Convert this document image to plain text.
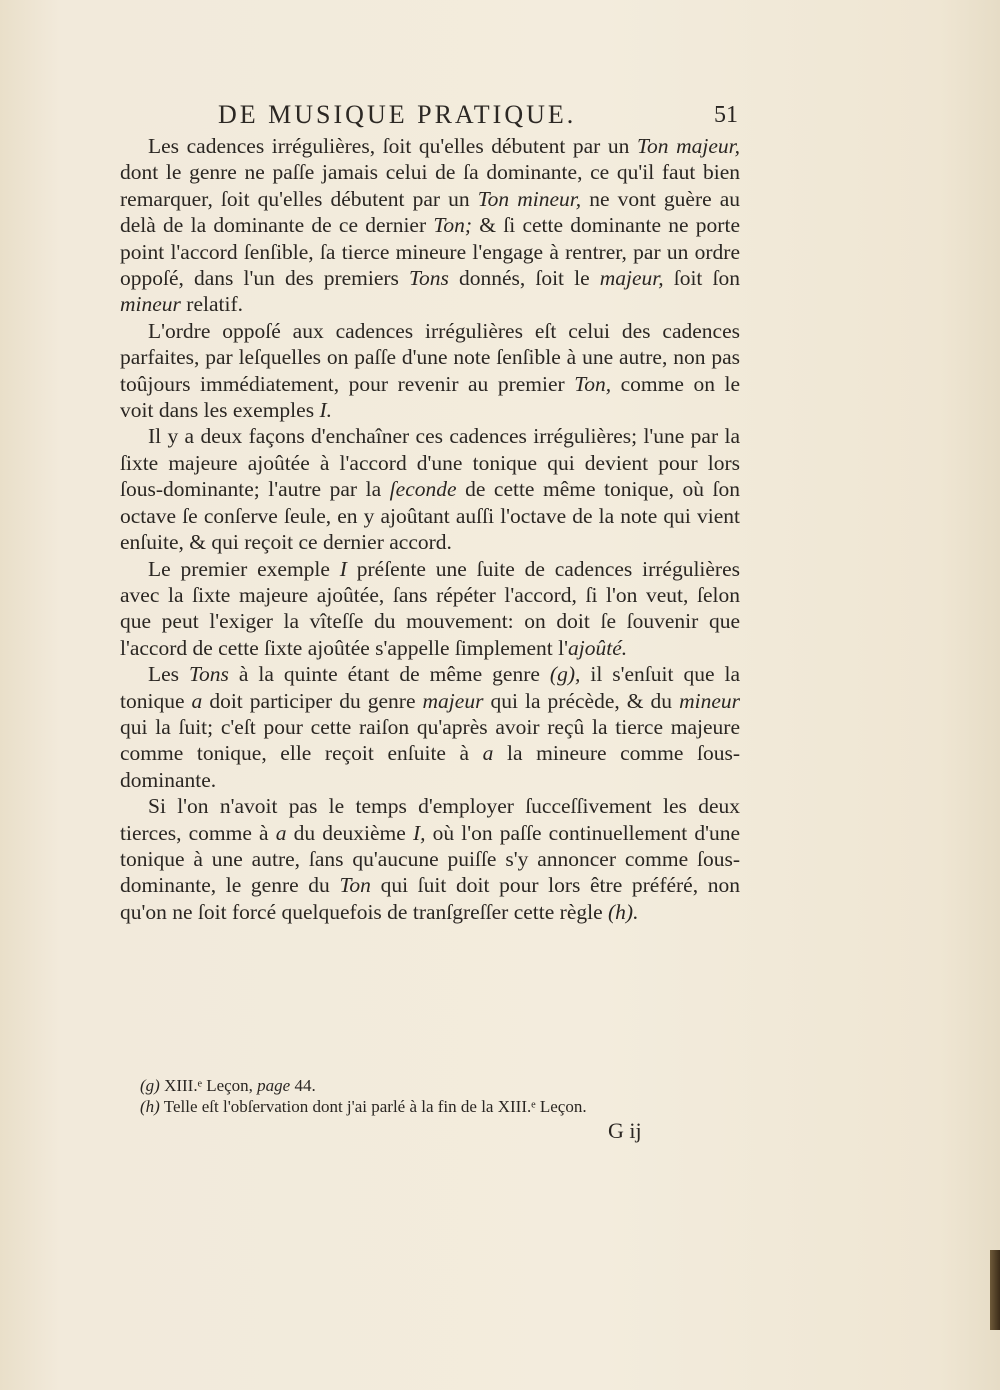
DE MUSIQUE PRATIQUE.	51

Les cadences irrégulières, ſoit qu'elles débutent par un Ton majeur, dont le genre ne paſſe jamais celui de ſa dominante, ce qu'il faut bien remarquer, ſoit qu'elles débutent par un Ton mineur, ne vont guère au delà de la dominante de ce dernier Ton; & ſi cette dominante ne porte point l'accord ſenſible, ſa tierce mineure l'engage à rentrer, par un ordre oppoſé, dans l'un des premiers Tons donnés, ſoit le majeur, ſoit ſon mineur relatif.

L'ordre oppoſé aux cadences irrégulières eſt celui des cadences parfaites, par leſquelles on paſſe d'une note ſenſible à une autre, non pas toûjours immédiatement, pour revenir au premier Ton, comme on le voit dans les exemples I.

Il y a deux façons d'enchaîner ces cadences irrégulières; l'une par la ſixte majeure ajoûtée à l'accord d'une tonique qui devient pour lors ſous-dominante; l'autre par la ſeconde de cette même tonique, où ſon octave ſe conſerve ſeule, en y ajoûtant auſſi l'octave de la note qui vient enſuite, & qui reçoit ce dernier accord.

Le premier exemple I préſente une ſuite de cadences irrégulières avec la ſixte majeure ajoûtée, ſans répéter l'accord, ſi l'on veut, ſelon que peut l'exiger la vîteſſe du mouvement: on doit ſe ſouvenir que l'accord de cette ſixte ajoûtée s'appelle ſimplement l'ajoûté.

Les Tons à la quinte étant de même genre (g), il s'enſuit que la tonique a doit participer du genre majeur qui la précède, & du mineur qui la ſuit; c'eſt pour cette raiſon qu'après avoir reçû la tierce majeure comme tonique, elle reçoit enſuite à a la mineure comme ſous-dominante.

Si l'on n'avoit pas le temps d'employer ſucceſſivement les deux tierces, comme à a du deuxième I, où l'on paſſe continuellement d'une tonique à une autre, ſans qu'aucune puiſſe s'y annoncer comme ſous-dominante, le genre du Ton qui ſuit doit pour lors être préféré, non qu'on ne ſoit forcé quelquefois de tranſgreſſer cette règle (h).

(g) XIII.ᵉ Leçon, page 44.

(h) Telle eſt l'obſervation dont j'ai parlé à la fin de la XIII.ᵉ Leçon.

G ij
